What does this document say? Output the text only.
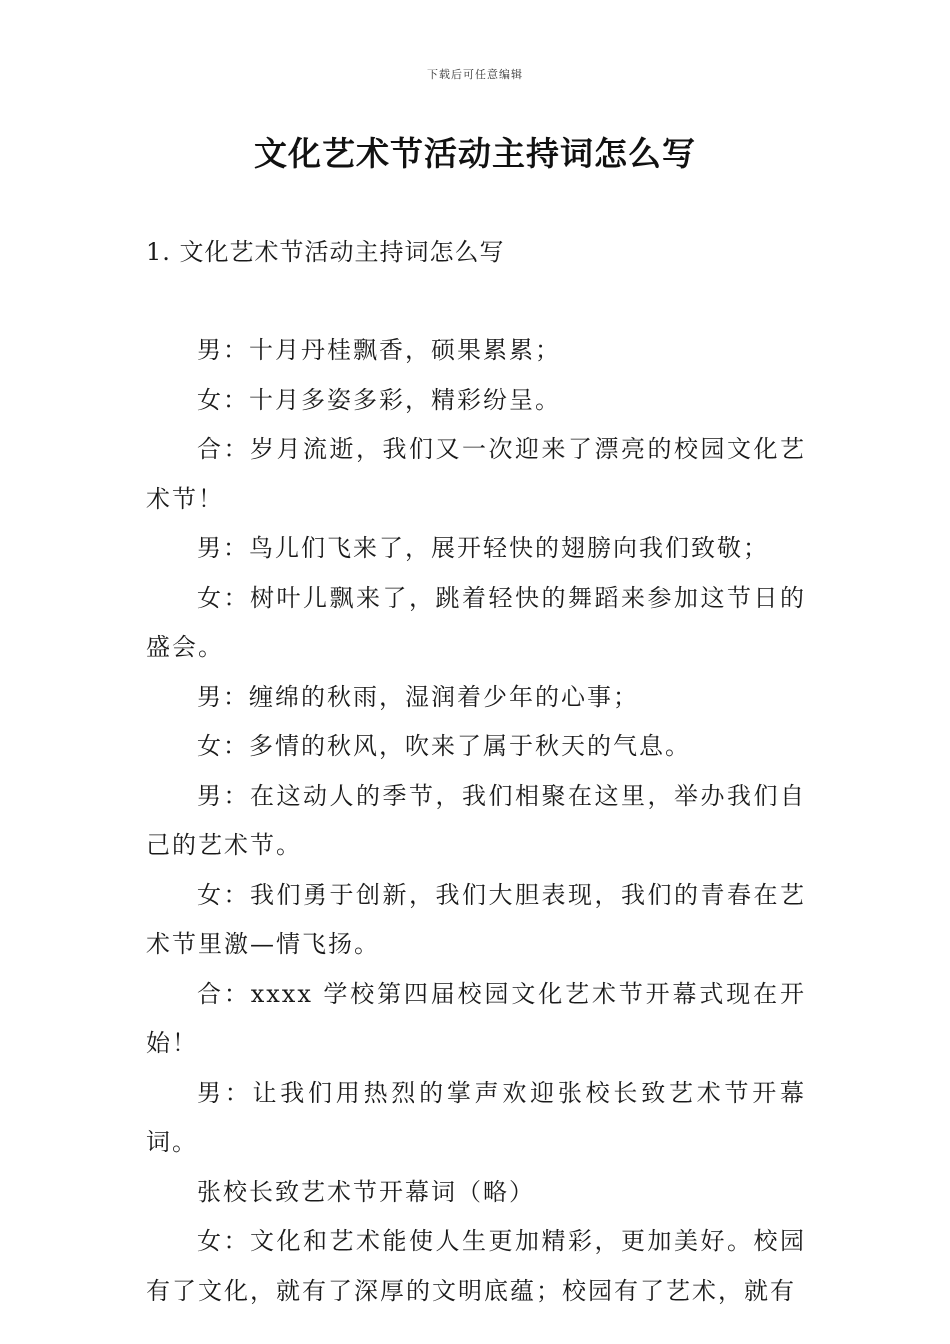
下载后可任意编辑
文化艺术节活动主持词怎么写
1. 文化艺术节活动主持词怎么写

男：十月丹桂飘香，硕果累累；

女：十月多姿多彩，精彩纷呈。

合：岁月流逝，我们又一次迎来了漂亮的校园文化艺术节！

男：鸟儿们飞来了，展开轻快的翅膀向我们致敬；

女：树叶儿飘来了，跳着轻快的舞蹈来参加这节日的盛会。

男：缠绵的秋雨，湿润着少年的心事；

女：多情的秋风，吹来了属于秋天的气息。

男：在这动人的季节，我们相聚在这里，举办我们自己的艺术节。

女：我们勇于创新，我们大胆表现，我们的青春在艺术节里激—情飞扬。

合：xxxx 学校第四届校园文化艺术节开幕式现在开始！

男：让我们用热烈的掌声欢迎张校长致艺术节开幕词。

张校长致艺术节开幕词（略）

女：文化和艺术能使人生更加精彩，更加美好。校园有了文化，就有了深厚的文明底蕴；校园有了艺术，就有
